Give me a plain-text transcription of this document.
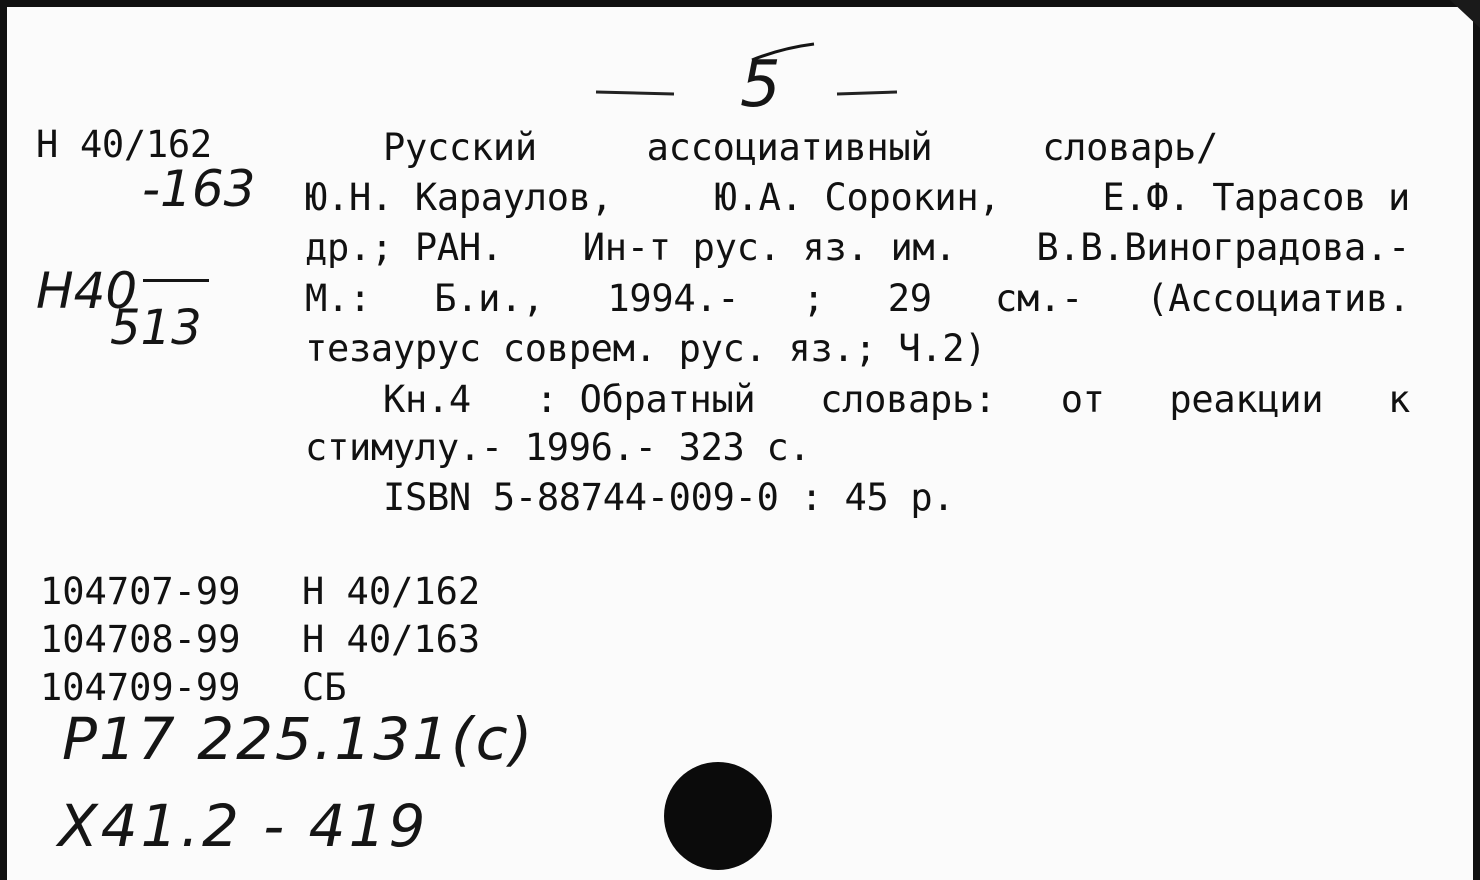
5
Н 40/162
-163
Н40
513
Русский	ассоциативный	словарь/
Ю.Н. Караулов,	Ю.А. Сорокин,	Е.Ф. Тарасов и
др.; РАН. Ин-т рус. яз. им. В.В.Виноградова.-
М.: Б.и., 1994.- ; 29 см.- (Ассоциатив.
тезаурус соврем. рус. яз.; Ч.2)
Кн.4 : Обратный словарь: от реакции к
стимулу.- 1996.- 323 с.
ISBN 5-88744-009-0 : 45 р.
104707-99	Н 40/162
104708-99	Н 40/163
104709-99	СБ
Р17 225.131(с)
Х41.2 - 419
